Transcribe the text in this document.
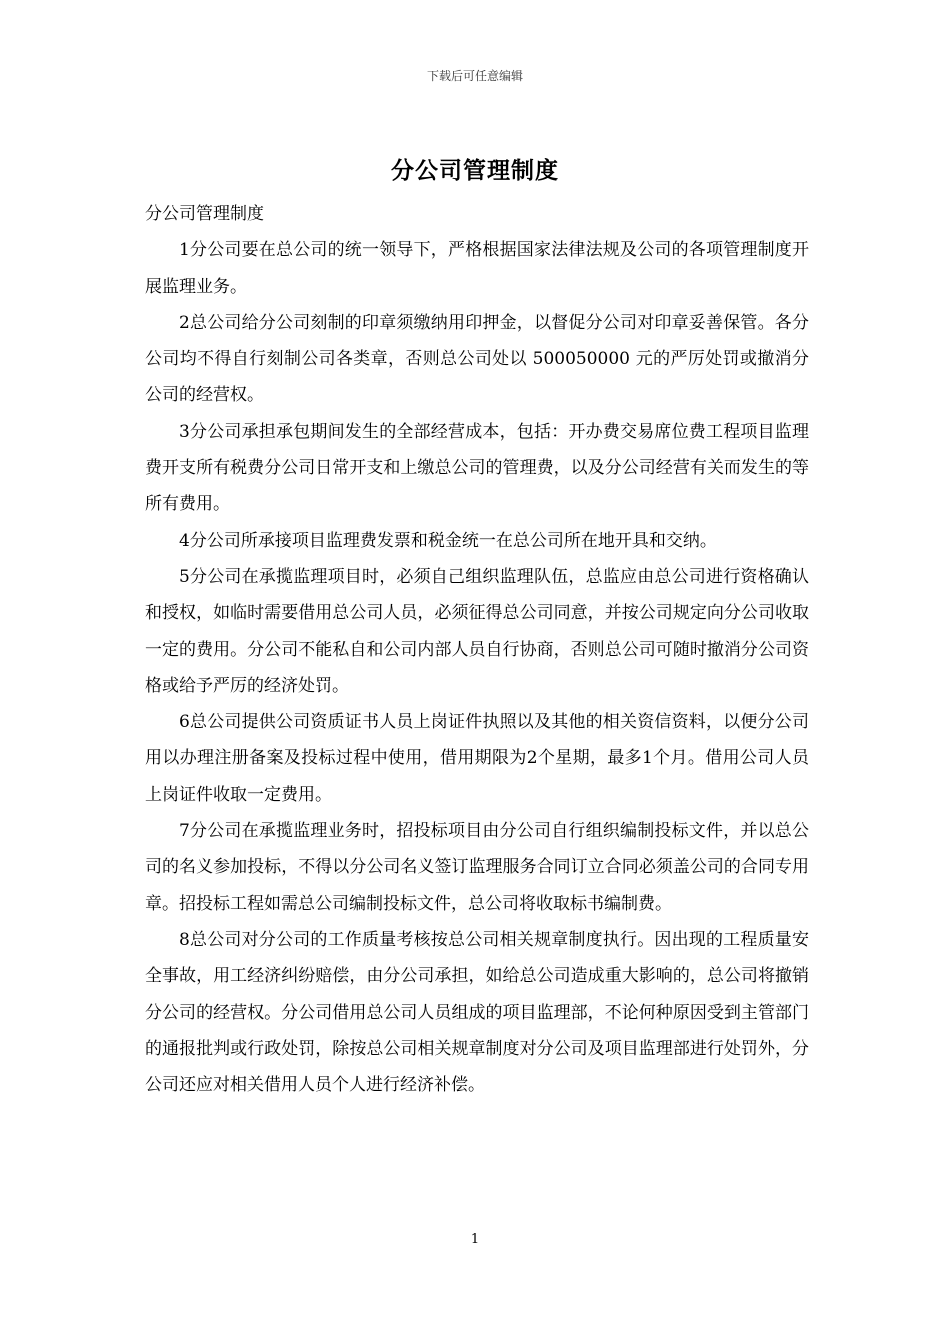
下载后可任意编辑
分公司管理制度

分公司管理制度

1分公司要在总公司的统一领导下，严格根据国家法律法规及公司的各项管理制度开展监理业务。

2总公司给分公司刻制的印章须缴纳用印押金，以督促分公司对印章妥善保管。各分公司均不得自行刻制公司各类章，否则总公司处以 500050000 元的严厉处罚或撤消分公司的经营权。

3分公司承担承包期间发生的全部经营成本，包括：开办费交易席位费工程项目监理费开支所有税费分公司日常开支和上缴总公司的管理费，以及分公司经营有关而发生的等所有费用。

4分公司所承接项目监理费发票和税金统一在总公司所在地开具和交纳。

5分公司在承揽监理项目时，必须自己组织监理队伍，总监应由总公司进行资格确认和授权，如临时需要借用总公司人员，必须征得总公司同意，并按公司规定向分公司收取一定的费用。分公司不能私自和公司内部人员自行协商，否则总公司可随时撤消分公司资格或给予严厉的经济处罚。

6总公司提供公司资质证书人员上岗证件执照以及其他的相关资信资料，以便分公司用以办理注册备案及投标过程中使用，借用期限为2个星期，最多1个月。借用公司人员上岗证件收取一定费用。

7分公司在承揽监理业务时，招投标项目由分公司自行组织编制投标文件，并以总公司的名义参加投标，不得以分公司名义签订监理服务合同订立合同必须盖公司的合同专用章。招投标工程如需总公司编制投标文件，总公司将收取标书编制费。

8总公司对分公司的工作质量考核按总公司相关规章制度执行。因出现的工程质量安全事故，用工经济纠纷赔偿，由分公司承担，如给总公司造成重大影响的，总公司将撤销分公司的经营权。分公司借用总公司人员组成的项目监理部，不论何种原因受到主管部门的通报批判或行政处罚，除按总公司相关规章制度对分公司及项目监理部进行处罚外，分公司还应对相关借用人员个人进行经济补偿。

1
